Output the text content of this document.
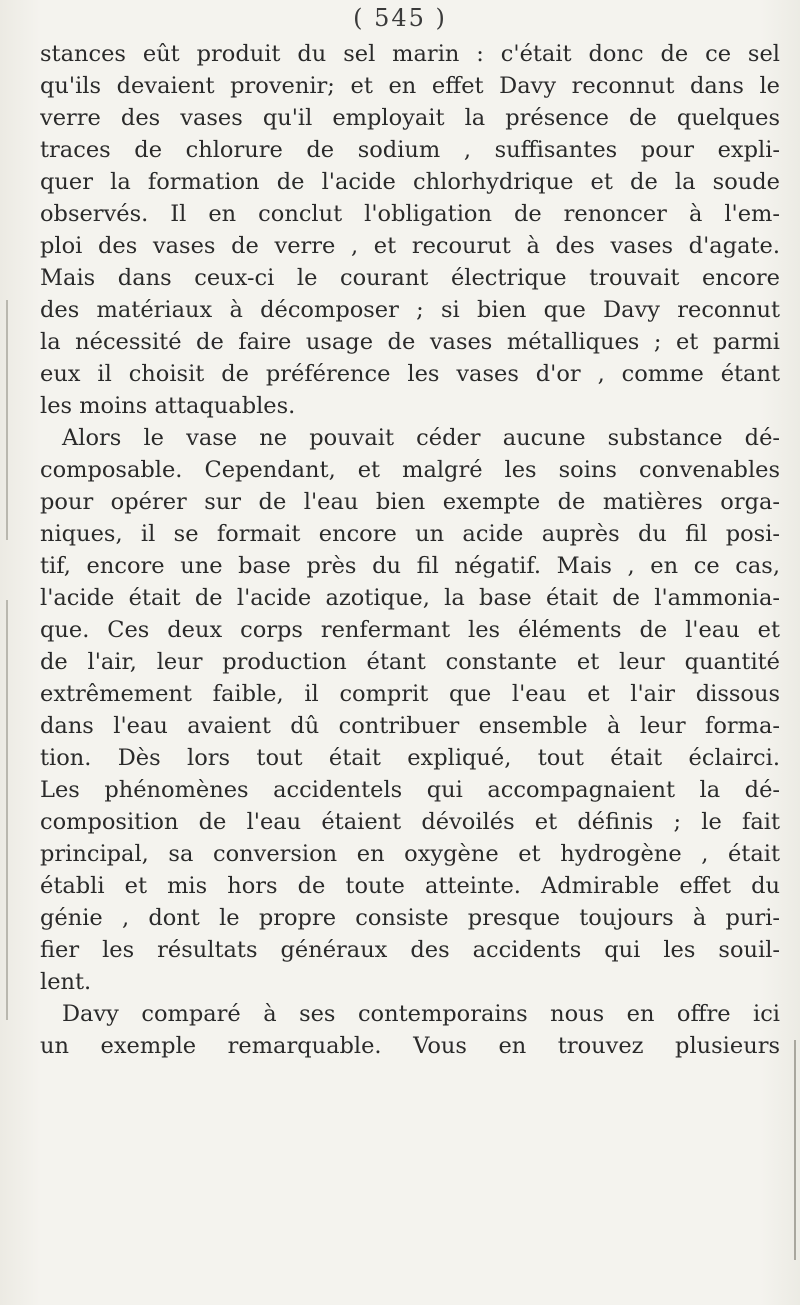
( 545 )
stances eût produit du sel marin : c'était donc de ce sel
qu'ils devaient provenir; et en effet Davy reconnut dans le
verre des vases qu'il employait la présence de quelques
traces de chlorure de sodium , suffisantes pour expli-
quer la formation de l'acide chlorhydrique et de la soude
observés. Il en conclut l'obligation de renoncer à l'em-
ploi des vases de verre , et recourut à des vases d'agate.
Mais dans ceux-ci le courant électrique trouvait encore
des matériaux à décomposer ; si bien que Davy reconnut
la nécessité de faire usage de vases métalliques ; et parmi
eux il choisit de préférence les vases d'or , comme étant
les moins attaquables.
Alors le vase ne pouvait céder aucune substance dé-
composable. Cependant, et malgré les soins convenables
pour opérer sur de l'eau bien exempte de matières orga-
niques, il se formait encore un acide auprès du fil posi-
tif, encore une base près du fil négatif. Mais , en ce cas,
l'acide était de l'acide azotique, la base était de l'ammonia-
que. Ces deux corps renfermant les éléments de l'eau et
de l'air, leur production étant constante et leur quantité
extrêmement faible, il comprit que l'eau et l'air dissous
dans l'eau avaient dû contribuer ensemble à leur forma-
tion. Dès lors tout était expliqué, tout était éclairci.
Les phénomènes accidentels qui accompagnaient la dé-
composition de l'eau étaient dévoilés et définis ; le fait
principal, sa conversion en oxygène et hydrogène , était
établi et mis hors de toute atteinte. Admirable effet du
génie , dont le propre consiste presque toujours à puri-
fier les résultats généraux des accidents qui les souil-
lent.
Davy comparé à ses contemporains nous en offre ici
un exemple remarquable. Vous en trouvez plusieurs
